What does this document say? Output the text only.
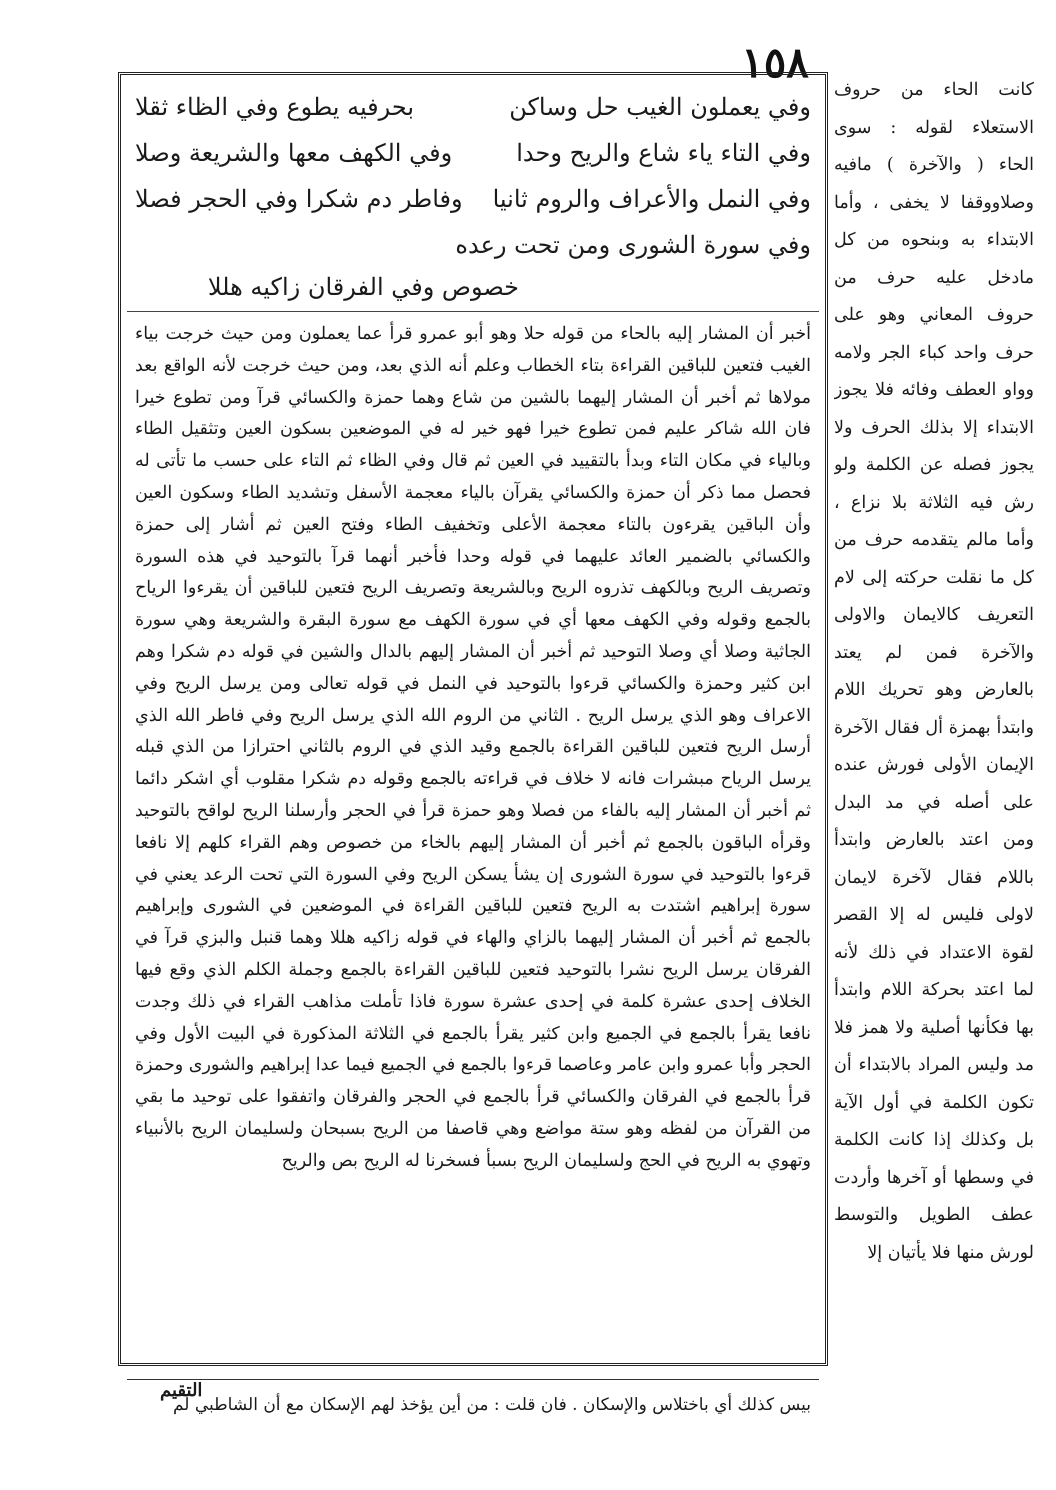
١٥٨
وفي يعملون الغيب حل وساكن
بحرفيه يطوع وفي الظاء ثقلا
وفي التاء ياء شاع والريح وحدا
وفي الكهف معها والشريعة وصلا
وفي النمل والأعراف والروم ثانيا
وفاطر دم شكرا وفي الحجر فصلا
وفي سورة الشورى ومن تحت رعده
خصوص وفي الفرقان زاكيه هللا

أخبر أن المشار إليه بالحاء من قوله حلا وهو أبو عمرو قرأ عما يعملون ومن حيث خرجت بياء الغيب فتعين للباقين القراءة بتاء الخطاب وعلم أنه الذي بعد، ومن حيث خرجت لأنه الواقع بعد مولاها ثم أخبر أن المشار إليهما بالشين من شاع وهما حمزة والكسائي قرآ ومن تطوع خيرا فان الله شاكر عليم فمن تطوع خيرا فهو خير له في الموضعين بسكون العين وتثقيل الطاء وبالياء في مكان التاء وبدأ بالتقييد في العين ثم قال وفي الظاء ثم التاء على حسب ما تأتى له فحصل مما ذكر أن حمزة والكسائي يقرآن بالياء معجمة الأسفل وتشديد الطاء وسكون العين وأن الباقين يقرءون بالتاء معجمة الأعلى وتخفيف الطاء وفتح العين ثم أشار إلى حمزة والكسائي بالضمير العائد عليهما في قوله وحدا فأخبر أنهما قرآ بالتوحيد في هذه السورة وتصريف الريح وبالكهف تذروه الريح وبالشريعة وتصريف الريح فتعين للباقين أن يقرءوا الرياح بالجمع وقوله وفي الكهف معها أي في سورة الكهف مع سورة البقرة والشريعة وهي سورة الجاثية وصلا أي وصلا التوحيد ثم أخبر أن المشار إليهم بالدال والشين في قوله دم شكرا وهم ابن كثير وحمزة والكسائي قرءوا بالتوحيد في النمل في قوله تعالى ومن يرسل الريح وفي الاعراف وهو الذي يرسل الريح . الثاني من الروم الله الذي يرسل الريح وفي فاطر الله الذي أرسل الريح فتعين للباقين القراءة بالجمع وقيد الذي في الروم بالثاني احترازا من الذي قبله يرسل الرياح مبشرات فانه لا خلاف في قراءته بالجمع وقوله دم شكرا مقلوب أي اشكر دائما ثم أخبر أن المشار إليه بالفاء من فصلا وهو حمزة قرأ في الحجر وأرسلنا الريح لواقح بالتوحيد وقرأه الباقون بالجمع ثم أخبر أن المشار إليهم بالخاء من خصوص وهم القراء كلهم إلا نافعا قرءوا بالتوحيد في سورة الشورى إن يشأ يسكن الريح وفي السورة التي تحت الرعد يعني في سورة إبراهيم اشتدت به الريح فتعين للباقين القراءة في الموضعين في الشورى وإبراهيم بالجمع ثم أخبر أن المشار إليهما بالزاي والهاء في قوله زاكيه هللا وهما قنبل والبزي قرآ في الفرقان يرسل الريح نشرا بالتوحيد فتعين للباقين القراءة بالجمع وجملة الكلم الذي وقع فيها الخلاف إحدى عشرة كلمة في إحدى عشرة سورة فاذا تأملت مذاهب القراء في ذلك وجدت نافعا يقرأ بالجمع في الجميع وابن كثير يقرأ بالجمع في الثلاثة المذكورة في البيت الأول وفي الحجر وأبا عمرو وابن عامر وعاصما قرءوا بالجمع في الجميع فيما عدا إبراهيم والشورى وحمزة قرأ بالجمع في الفرقان والكسائي قرأ بالجمع في الحجر والفرقان واتفقوا على توحيد ما بقي من القرآن من لفظه وهو ستة مواضع وهي قاصفا من الريح بسبحان ولسليمان الريح بالأنبياء وتهوي به الريح في الحج ولسليمان الريح بسبأ فسخرنا له الريح بص والريح

بيس كذلك أي باختلاس والإسكان . فان قلت : من أين يؤخذ لهم الإسكان مع أن الشاطبي لم
كانت الحاء من حروف الاستعلاء لقوله : سوى الحاء ( والآخرة ) مافيه وصلاووقفا لا يخفى ، وأما الابتداء به وبنحوه من كل مادخل عليه حرف من حروف المعاني وهو على حرف واحد كباء الجر ولامه وواو العطف وفائه فلا يجوز الابتداء إلا بذلك الحرف ولا يجوز فصله عن الكلمة ولو رش فيه الثلاثة بلا نزاع ، وأما مالم يتقدمه حرف من كل ما نقلت حركته إلى لام التعريف كالايمان والاولى والآخرة فمن لم يعتد بالعارض وهو تحريك اللام وابتدأ بهمزة أل فقال الآخرة الإيمان الأولى فورش عنده على أصله في مد البدل ومن اعتد بالعارض وابتدأ باللام فقال لآخرة لايمان لاولى فليس له إلا القصر لقوة الاعتداد في ذلك لأنه لما اعتد بحركة اللام وابتدأ بها فكأنها أصلية ولا همز فلا مد وليس المراد بالابتداء أن تكون الكلمة في أول الآية بل وكذلك إذا كانت الكلمة في وسطها أو آخرها وأردت عطف الطويل والتوسط لورش منها فلا يأتيان إلا
التقيم
